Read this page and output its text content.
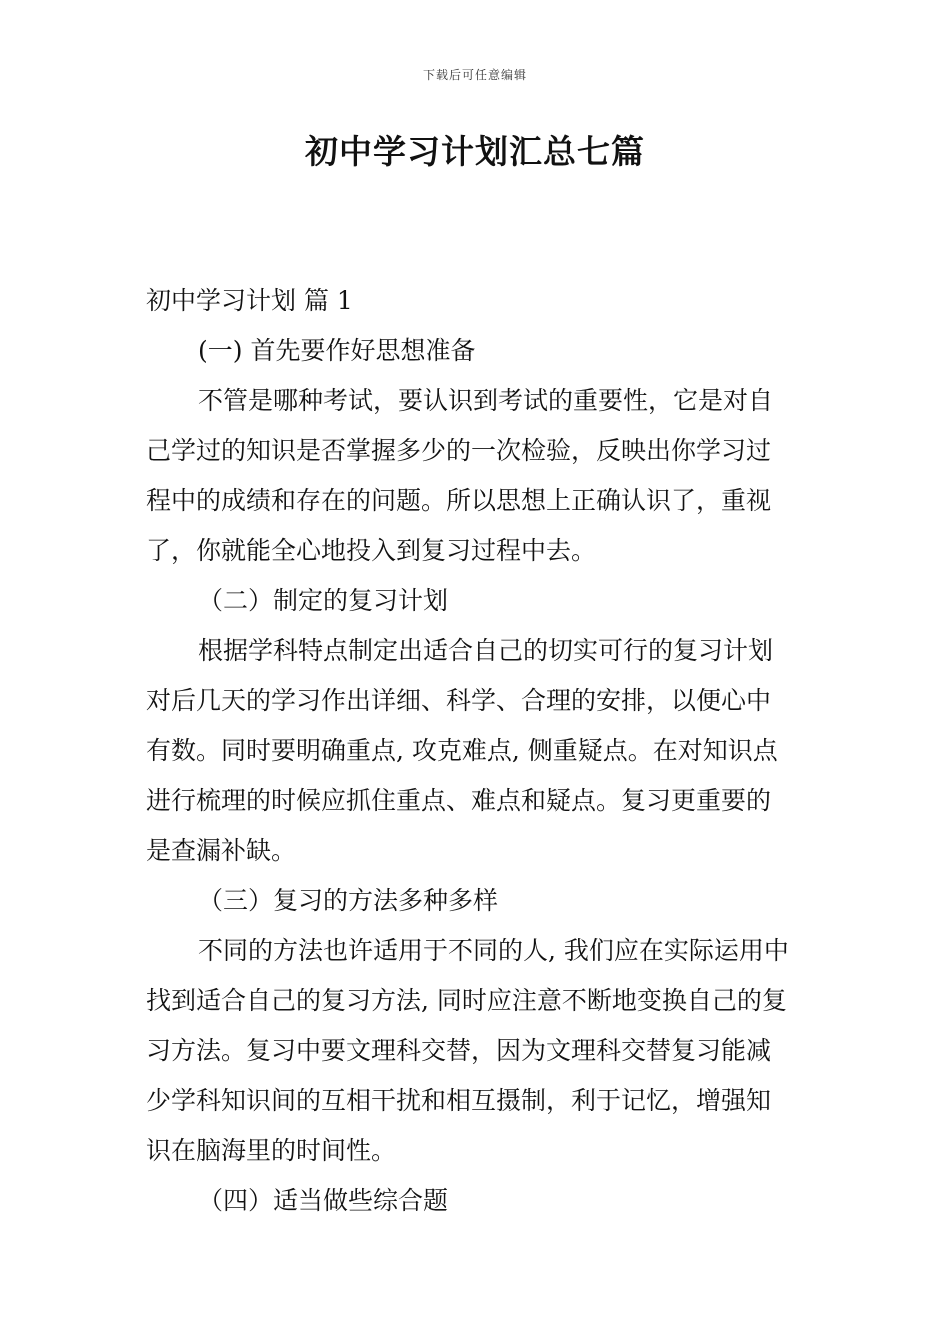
下载后可任意编辑
初中学习计划汇总七篇
初中学习计划 篇 1
(一) 首先要作好思想准备
不管是哪种考试，要认识到考试的重要性，它是对自
己学过的知识是否掌握多少的一次检验，反映出你学习过
程中的成绩和存在的问题。所以思想上正确认识了，重视
了，你就能全心地投入到复习过程中去。
（二）制定的复习计划
根据学科特点制定出适合自己的切实可行的复习计划
对后几天的学习作出详细、科学、合理的安排，以便心中
有数。同时要明确重点, 攻克难点, 侧重疑点。在对知识点
进行梳理的时候应抓住重点、难点和疑点。复习更重要的
是查漏补缺。
（三）复习的方法多种多样
不同的方法也许适用于不同的人, 我们应在实际运用中
找到适合自己的复习方法, 同时应注意不断地变换自己的复
习方法。复习中要文理科交替，因为文理科交替复习能减
少学科知识间的互相干扰和相互摄制，利于记忆，增强知
识在脑海里的时间性。
（四）适当做些综合题
